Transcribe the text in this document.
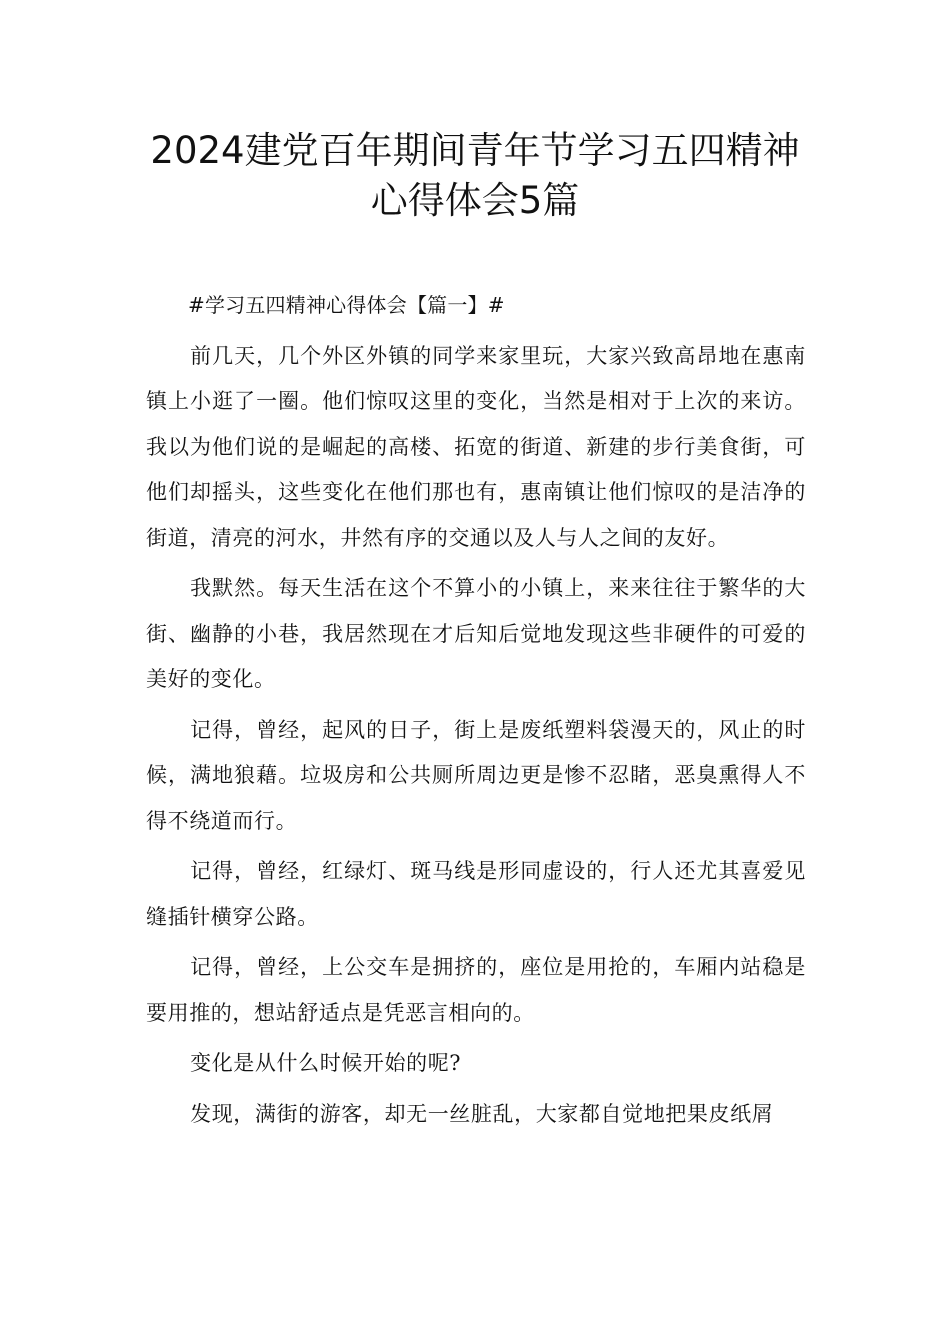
2024建党百年期间青年节学习五四精神
心得体会5篇

#学习五四精神心得体会【篇一】#

前几天，几个外区外镇的同学来家里玩，大家兴致高昂地在惠南镇上小逛了一圈。他们惊叹这里的变化，当然是相对于上次的来访。我以为他们说的是崛起的高楼、拓宽的街道、新建的步行美食街，可他们却摇头，这些变化在他们那也有，惠南镇让他们惊叹的是洁净的街道，清亮的河水，井然有序的交通以及人与人之间的友好。

我默然。每天生活在这个不算小的小镇上，来来往往于繁华的大街、幽静的小巷，我居然现在才后知后觉地发现这些非硬件的可爱的美好的变化。

记得，曾经，起风的日子，街上是废纸塑料袋漫天的，风止的时候，满地狼藉。垃圾房和公共厕所周边更是惨不忍睹，恶臭熏得人不得不绕道而行。

记得，曾经，红绿灯、斑马线是形同虚设的，行人还尤其喜爱见缝插针横穿公路。

记得，曾经，上公交车是拥挤的，座位是用抢的，车厢内站稳是要用推的，想站舒适点是凭恶言相向的。

变化是从什么时候开始的呢?

发现，满街的游客，却无一丝脏乱，大家都自觉地把果皮纸屑
